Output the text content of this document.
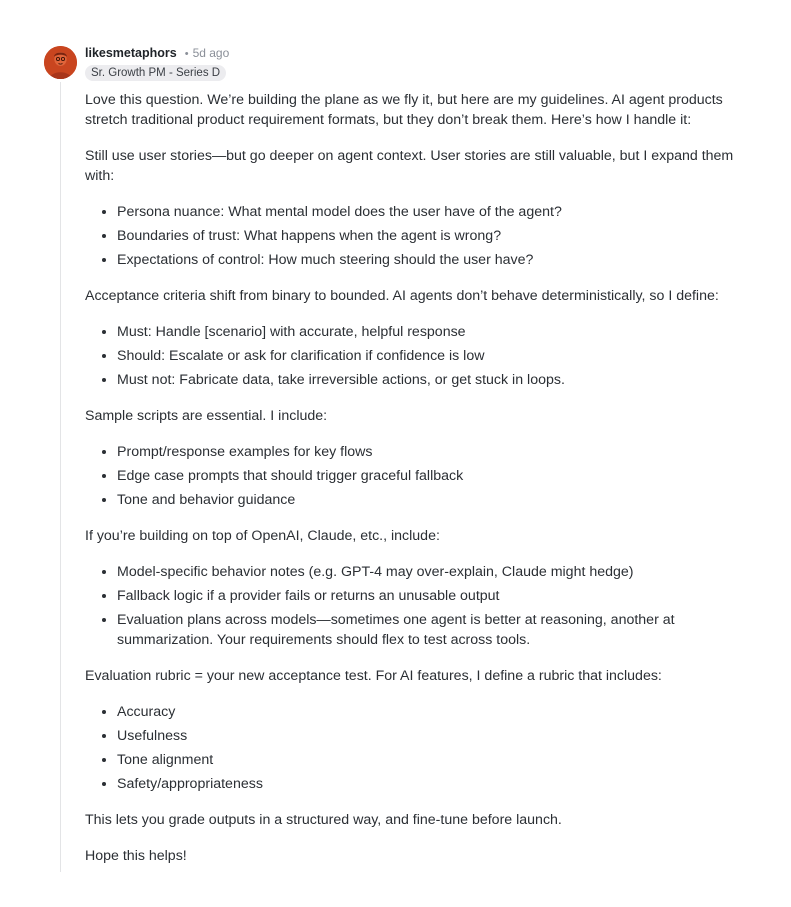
likesmetaphors • 5d ago
Sr. Growth PM - Series D

Love this question. We’re building the plane as we fly it, but here are my guidelines. AI agent products stretch traditional product requirement formats, but they don’t break them. Here’s how I handle it:

Still use user stories—but go deeper on agent context. User stories are still valuable, but I expand them with:

• Persona nuance: What mental model does the user have of the agent?
• Boundaries of trust: What happens when the agent is wrong?
• Expectations of control: How much steering should the user have?

Acceptance criteria shift from binary to bounded. AI agents don’t behave deterministically, so I define:

• Must: Handle [scenario] with accurate, helpful response
• Should: Escalate or ask for clarification if confidence is low
• Must not: Fabricate data, take irreversible actions, or get stuck in loops.

Sample scripts are essential. I include:

• Prompt/response examples for key flows
• Edge case prompts that should trigger graceful fallback
• Tone and behavior guidance

If you’re building on top of OpenAI, Claude, etc., include:

• Model-specific behavior notes (e.g. GPT-4 may over-explain, Claude might hedge)
• Fallback logic if a provider fails or returns an unusable output
• Evaluation plans across models—sometimes one agent is better at reasoning, another at summarization. Your requirements should flex to test across tools.

Evaluation rubric = your new acceptance test. For AI features, I define a rubric that includes:

• Accuracy
• Usefulness
• Tone alignment
• Safety/appropriateness

This lets you grade outputs in a structured way, and fine-tune before launch.

Hope this helps!
